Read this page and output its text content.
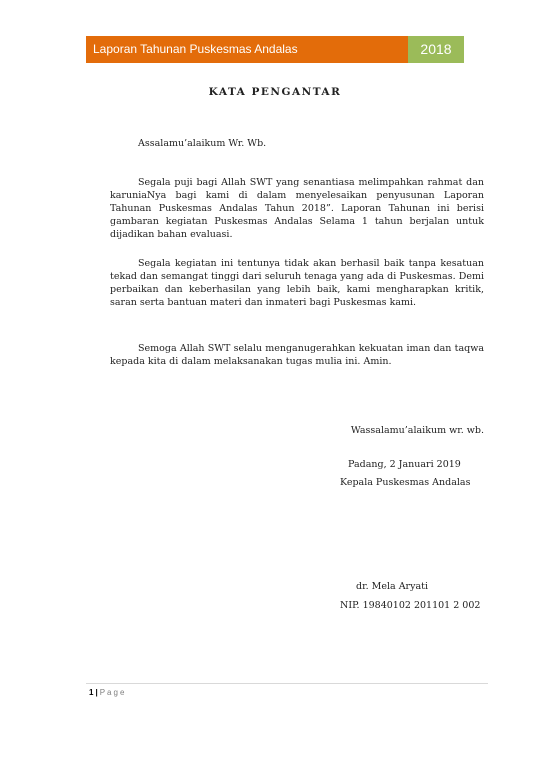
Laporan Tahunan Puskesmas Andalas	2018
KATA PENGANTAR

Assalamu’alaikum Wr. Wb.

Segala puji bagi Allah SWT yang senantiasa melimpahkan rahmat dan karuniaNya bagi kami di dalam menyelesaikan penyusunan Laporan Tahunan Puskesmas Andalas Tahun 2018”. Laporan Tahunan ini berisi gambaran kegiatan Puskesmas Andalas Selama 1 tahun berjalan untuk dijadikan bahan evaluasi.

Segala kegiatan ini tentunya tidak akan berhasil baik tanpa kesatuan tekad dan semangat tinggi dari seluruh tenaga yang ada di Puskesmas. Demi perbaikan dan keberhasilan yang lebih baik, kami mengharapkan kritik, saran serta bantuan materi dan inmateri bagi Puskesmas kami.

Semoga Allah SWT selalu menganugerahkan kekuatan iman dan taqwa kepada kita di dalam melaksanakan tugas mulia ini. Amin.

Wassalamu’alaikum wr. wb.

Padang, 2 Januari 2019

Kepala Puskesmas Andalas

dr. Mela Aryati

NIP. 19840102 201101 2 002

1 | Page
